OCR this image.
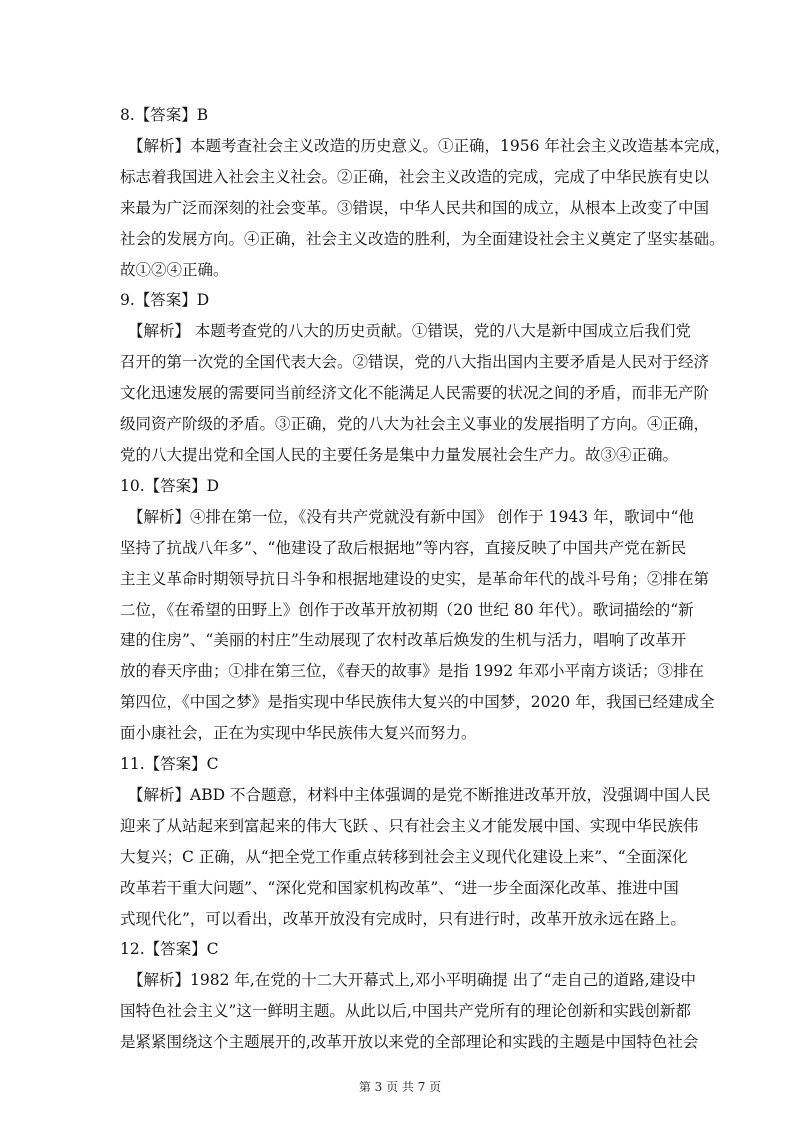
8.【答案】B
【解析】本题考查社会主义改造的历史意义。①正确，1956 年社会主义改造基本完成，
标志着我国进入社会主义社会。②正确，社会主义改造的完成，完成了中华民族有史以
来最为广泛而深刻的社会变革。③错误，中华人民共和国的成立，从根本上改变了中国
社会的发展方向。④正确，社会主义改造的胜利，为全面建设社会主义奠定了坚实基础。
故①②④正确。
9.【答案】D
【解析】 本题考查党的八大的历史贡献。①错误，党的八大是新中国成立后我们党
召开的第一次党的全国代表大会。②错误，党的八大指出国内主要矛盾是人民对于经济
文化迅速发展的需要同当前经济文化不能满足人民需要的状况之间的矛盾，而非无产阶
级同资产阶级的矛盾。③正确，党的八大为社会主义事业的发展指明了方向。④正确，
党的八大提出党和全国人民的主要任务是集中力量发展社会生产力。故③④正确。
10.【答案】D
【解析】④排在第一位，《没有共产党就没有新中国》 创作于 1943 年，歌词中“他
坚持了抗战八年多”、“他建设了敌后根据地”等内容，直接反映了中国共产党在新民
主主义革命时期领导抗日斗争和根据地建设的史实，是革命年代的战斗号角；②排在第
二位，《在希望的田野上》创作于改革开放初期（20 世纪 80 年代）。歌词描绘的“新
建的住房”、“美丽的村庄”生动展现了农村改革后焕发的生机与活力，唱响了改革开
放的春天序曲；①排在第三位，《春天的故事》是指 1992 年邓小平南方谈话；③排在
第四位，《中国之梦》是指实现中华民族伟大复兴的中国梦，2020 年，我国已经建成全
面小康社会，正在为实现中华民族伟大复兴而努力。
11.【答案】C
【解析】ABD 不合题意，材料中主体强调的是党不断推进改革开放，没强调中国人民
迎来了从站起来到富起来的伟大飞跃 、只有社会主义才能发展中国、实现中华民族伟
大复兴；C 正确，从“把全党工作重点转移到社会主义现代化建设上来”、“全面深化
改革若干重大问题”、“深化党和国家机构改革”、“进一步全面深化改革、推进中国
式现代化”，可以看出，改革开放没有完成时，只有进行时，改革开放永远在路上。
12.【答案】C
【解析】1982 年,在党的十二大开幕式上,邓小平明确提 出了“走自己的道路,建设中
国特色社会主义”这一鲜明主题。从此以后,中国共产党所有的理论创新和实践创新都
是紧紧围绕这个主题展开的,改革开放以来党的全部理论和实践的主题是中国特色社会
第 3 页 共 7 页
